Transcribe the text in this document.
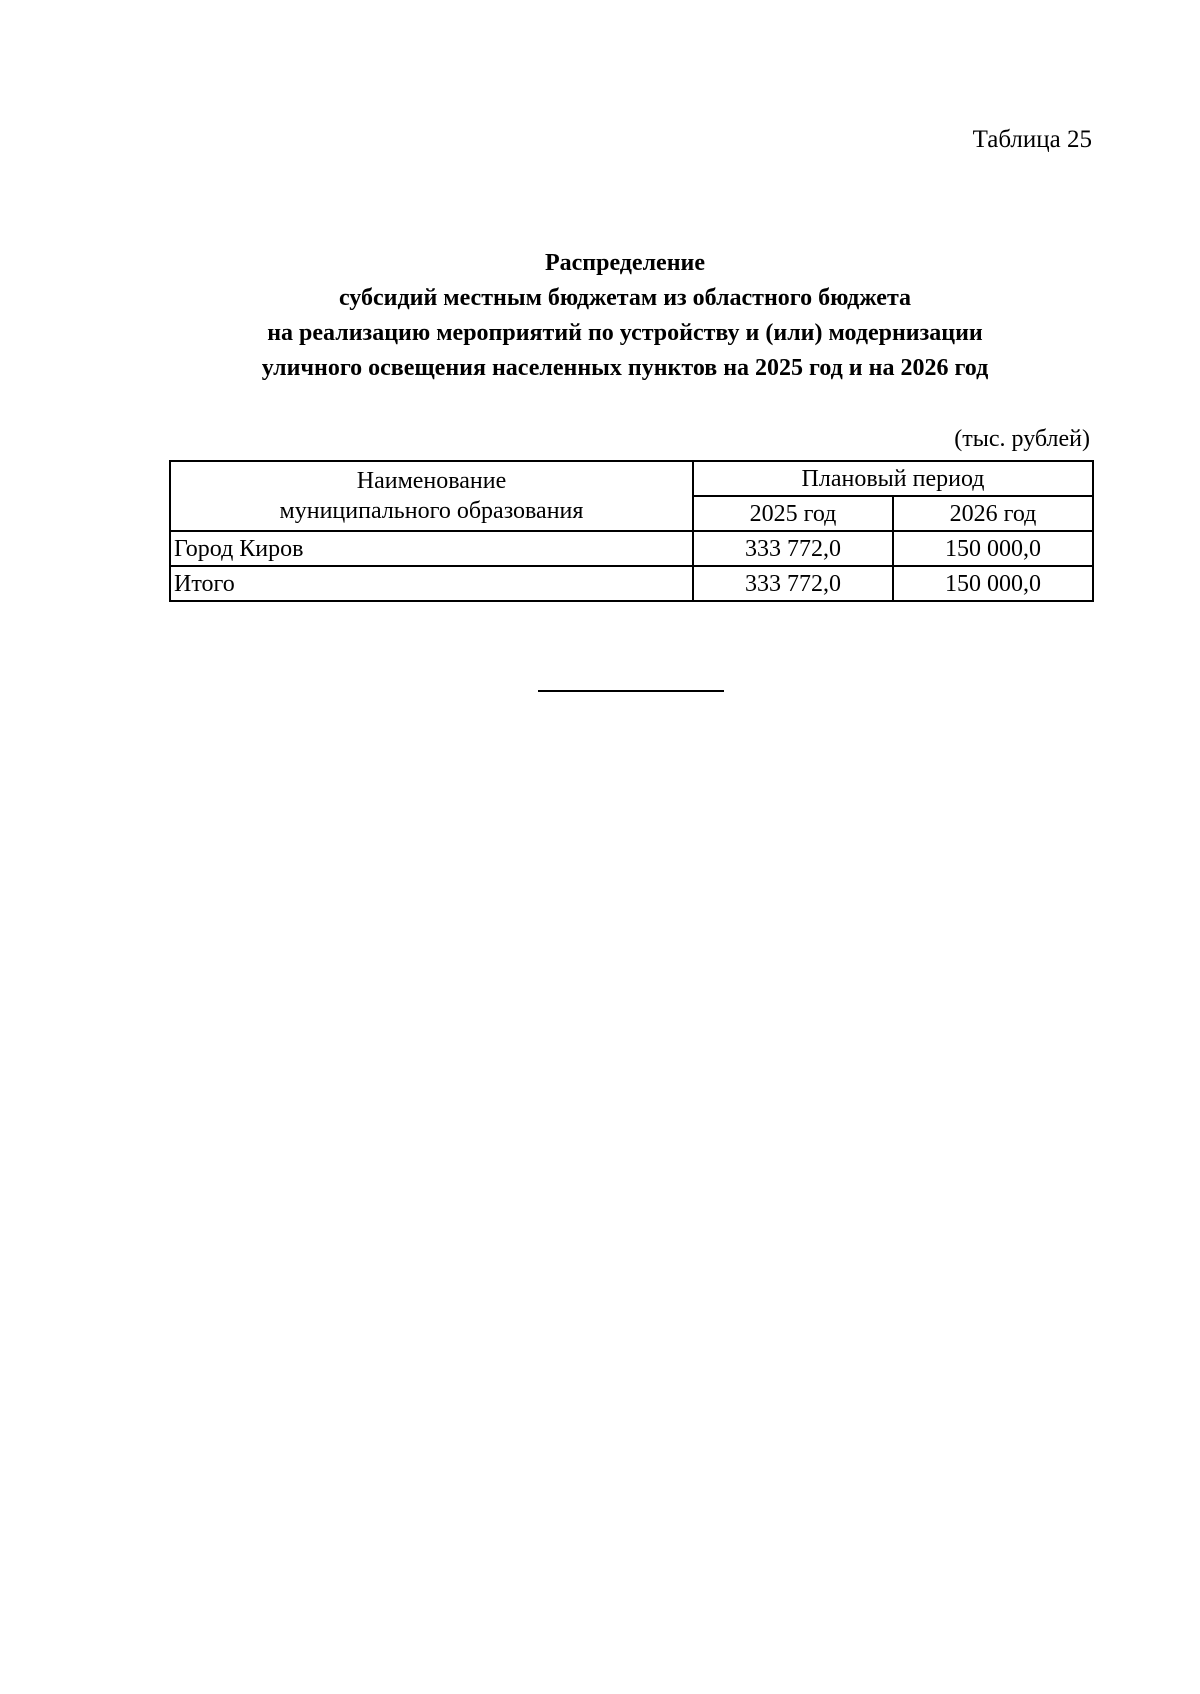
Таблица 25

Распределение
субсидий местным бюджетам из областного бюджета
на реализацию мероприятий по устройству и (или) модернизации
уличного освещения населенных пунктов на 2025 год и на 2026 год

(тыс. рублей)

Наименование
муниципального образования	Плановый период	
	2025 год	2026 год
Город Киров	333 772,0	150 000,0
Итого	333 772,0	150 000,0
